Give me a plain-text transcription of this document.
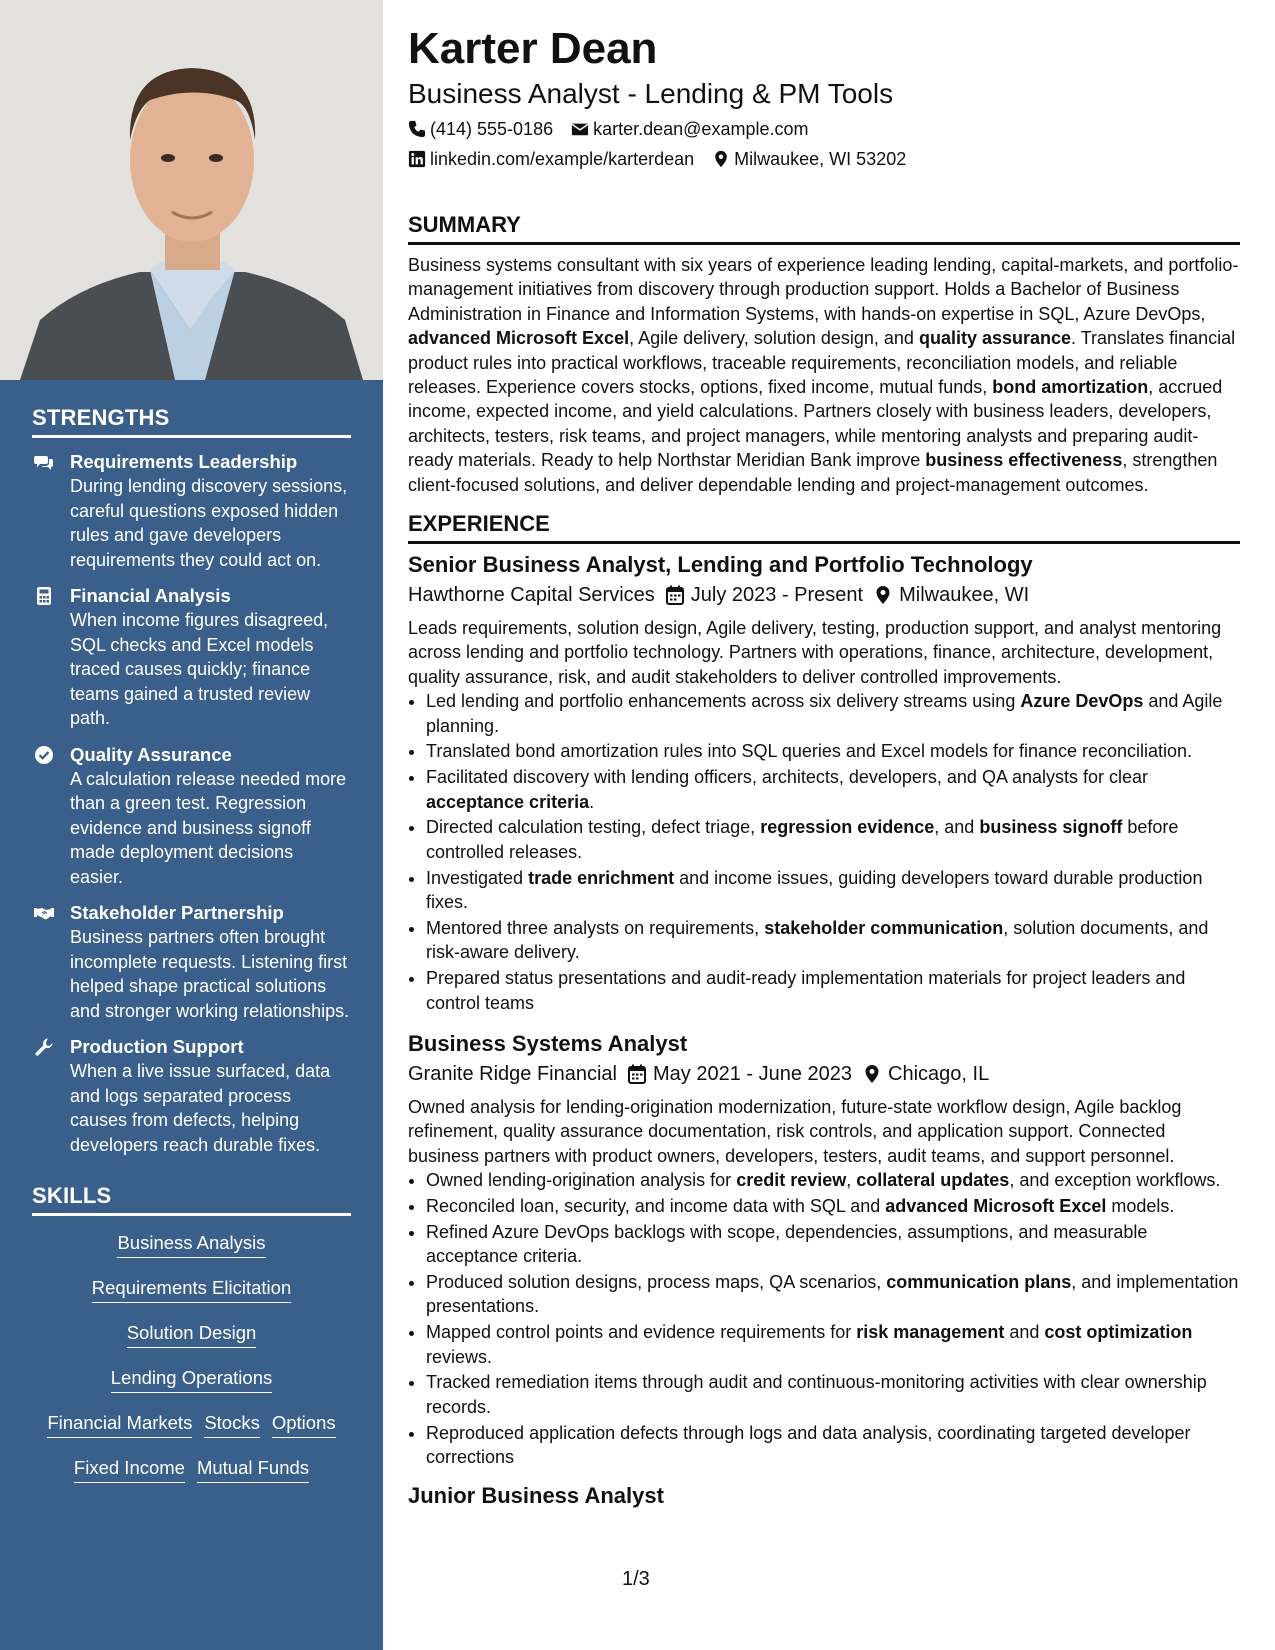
STRENGTHS
Requirements Leadership
During lending discovery sessions, careful questions exposed hidden rules and gave developers requirements they could act on.
Financial Analysis
When income figures disagreed, SQL checks and Excel models traced causes quickly; finance teams gained a trusted review path.
Quality Assurance
A calculation release needed more than a green test. Regression evidence and business signoff made deployment decisions easier.
Stakeholder Partnership
Business partners often brought incomplete requests. Listening first helped shape practical solutions and stronger working relationships.
Production Support
When a live issue surfaced, data and logs separated process causes from defects, helping developers reach durable fixes.
SKILLS
Business Analysis
Requirements Elicitation
Solution Design
Lending Operations
Financial Markets Stocks Options
Fixed Income Mutual Funds
Karter Dean
Business Analyst - Lending & PM Tools
(414) 555-0186 karter.dean@example.com
linkedin.com/example/karterdean Milwaukee, WI 53202
SUMMARY

Business systems consultant with six years of experience leading lending, capital-markets, and portfolio-management initiatives from discovery through production support. Holds a Bachelor of Business Administration in Finance and Information Systems, with hands-on expertise in SQL, Azure DevOps, advanced Microsoft Excel, Agile delivery, solution design, and quality assurance. Translates financial product rules into practical workflows, traceable requirements, reconciliation models, and reliable releases. Experience covers stocks, options, fixed income, mutual funds, bond amortization, accrued income, expected income, and yield calculations. Partners closely with business leaders, developers, architects, testers, risk teams, and project managers, while mentoring analysts and preparing audit-ready materials. Ready to help Northstar Meridian Bank improve business effectiveness, strengthen client-focused solutions, and deliver dependable lending and project-management outcomes.

EXPERIENCE
Senior Business Analyst, Lending and Portfolio Technology
Hawthorne Capital Services July 2023 - Present Milwaukee, WI

Leads requirements, solution design, Agile delivery, testing, production support, and analyst mentoring across lending and portfolio technology. Partners with operations, finance, architecture, development, quality assurance, risk, and audit stakeholders to deliver controlled improvements.

• Led lending and portfolio enhancements across six delivery streams using Azure DevOps and Agile planning.
• Translated bond amortization rules into SQL queries and Excel models for finance reconciliation.
• Facilitated discovery with lending officers, architects, developers, and QA analysts for clear acceptance criteria.
• Directed calculation testing, defect triage, regression evidence, and business signoff before controlled releases.
• Investigated trade enrichment and income issues, guiding developers toward durable production fixes.
• Mentored three analysts on requirements, stakeholder communication, solution documents, and risk-aware delivery.
• Prepared status presentations and audit-ready implementation materials for project leaders and control teams
Business Systems Analyst
Granite Ridge Financial May 2021 - June 2023 Chicago, IL

Owned analysis for lending-origination modernization, future-state workflow design, Agile backlog refinement, quality assurance documentation, risk controls, and application support. Connected business partners with product owners, developers, testers, audit teams, and support personnel.

• Owned lending-origination analysis for credit review, collateral updates, and exception workflows.
• Reconciled loan, security, and income data with SQL and advanced Microsoft Excel models.
• Refined Azure DevOps backlogs with scope, dependencies, assumptions, and measurable acceptance criteria.
• Produced solution designs, process maps, QA scenarios, communication plans, and implementation presentations.
• Mapped control points and evidence requirements for risk management and cost optimization reviews.
• Tracked remediation items through audit and continuous-monitoring activities with clear ownership records.
• Reproduced application defects through logs and data analysis, coordinating targeted developer corrections
Junior Business Analyst
1/3
